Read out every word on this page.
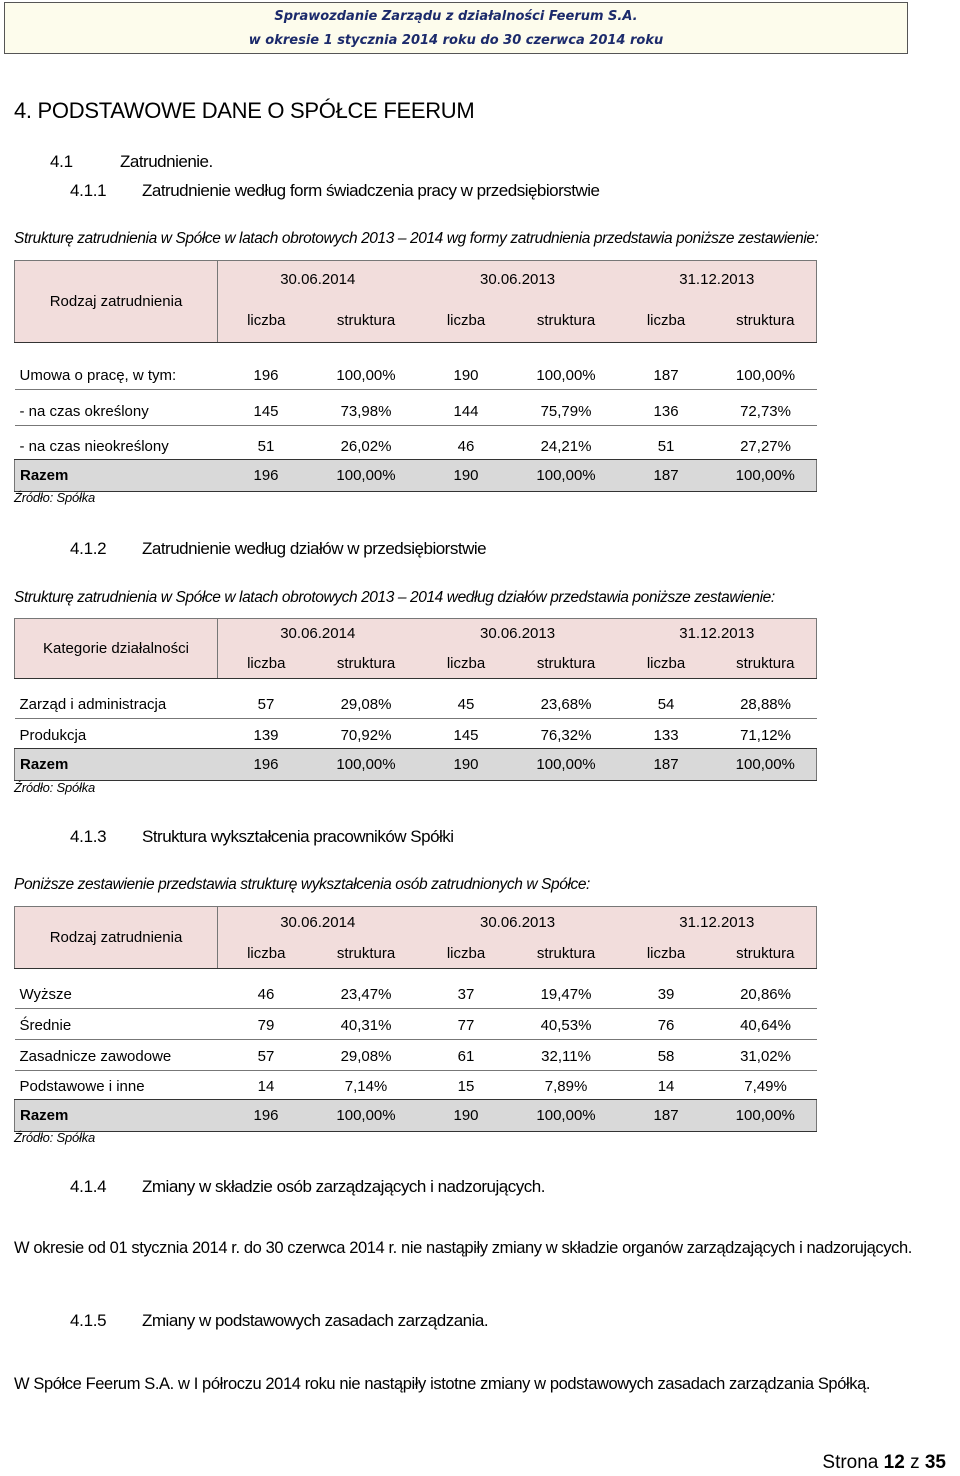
Sprawozdanie Zarządu z działalności Feerum S.A.
w okresie 1 stycznia 2014 roku do 30 czerwca 2014 roku
4. PODSTAWOWE DANE O SPÓŁCE FEERUM
4.1	Zatrudnienie.
4.1.1 Zatrudnienie według form świadczenia pracy w przedsiębiorstwie
Strukturę zatrudnienia w Spółce w latach obrotowych 2013 – 2014 wg formy zatrudnienia przedstawia poniższe zestawienie:
Rodzaj zatrudnienia	30.06.2014		30.06.2013		31.12.2013	
	liczba	struktura	liczba	struktura	liczba	struktura

Umowa o pracę, w tym:	196	100,00%	190	100,00%	187	100,00%

- na czas określony	145	73,98%	144	75,79%	136	72,73%

- na czas nieokreślony	51	26,02%	46	24,21%	51	27,27%
Razem	196	100,00%	190	100,00%	187	100,00%
Źródło: Spółka
4.1.2 Zatrudnienie według działów w przedsiębiorstwie
Strukturę zatrudnienia w Spółce w latach obrotowych 2013 – 2014 według działów przedstawia poniższe zestawienie:
Kategorie działalności	30.06.2014		30.06.2013		31.12.2013	
	liczba	struktura	liczba	struktura	liczba	struktura

Zarząd i administracja	57	29,08%	45	23,68%	54	28,88%

Produkcja	139	70,92%	145	76,32%	133	71,12%
Razem	196	100,00%	190	100,00%	187	100,00%
Źródło: Spółka
4.1.3 Struktura wykształcenia pracowników Spółki
Poniższe zestawienie przedstawia strukturę wykształcenia osób zatrudnionych w Spółce:
Rodzaj zatrudnienia	30.06.2014		30.06.2013		31.12.2013	
	liczba	struktura	liczba	struktura	liczba	struktura

Wyższe	46	23,47%	37	19,47%	39	20,86%

Średnie	79	40,31%	77	40,53%	76	40,64%

Zasadnicze zawodowe	57	29,08%	61	32,11%	58	31,02%

Podstawowe i inne	14	7,14%	15	7,89%	14	7,49%
Razem	196	100,00%	190	100,00%	187	100,00%
Źródło: Spółka
4.1.4 Zmiany w składzie osób zarządzających i nadzorujących.
W okresie od 01 stycznia 2014 r. do 30 czerwca 2014 r. nie nastąpiły zmiany w składzie organów zarządzających i nadzorujących.
4.1.5 Zmiany w podstawowych zasadach zarządzania.
W Spółce Feerum S.A. w I półroczu 2014 roku nie nastąpiły istotne zmiany w podstawowych zasadach zarządzania Spółką.
Strona 12 z 35
